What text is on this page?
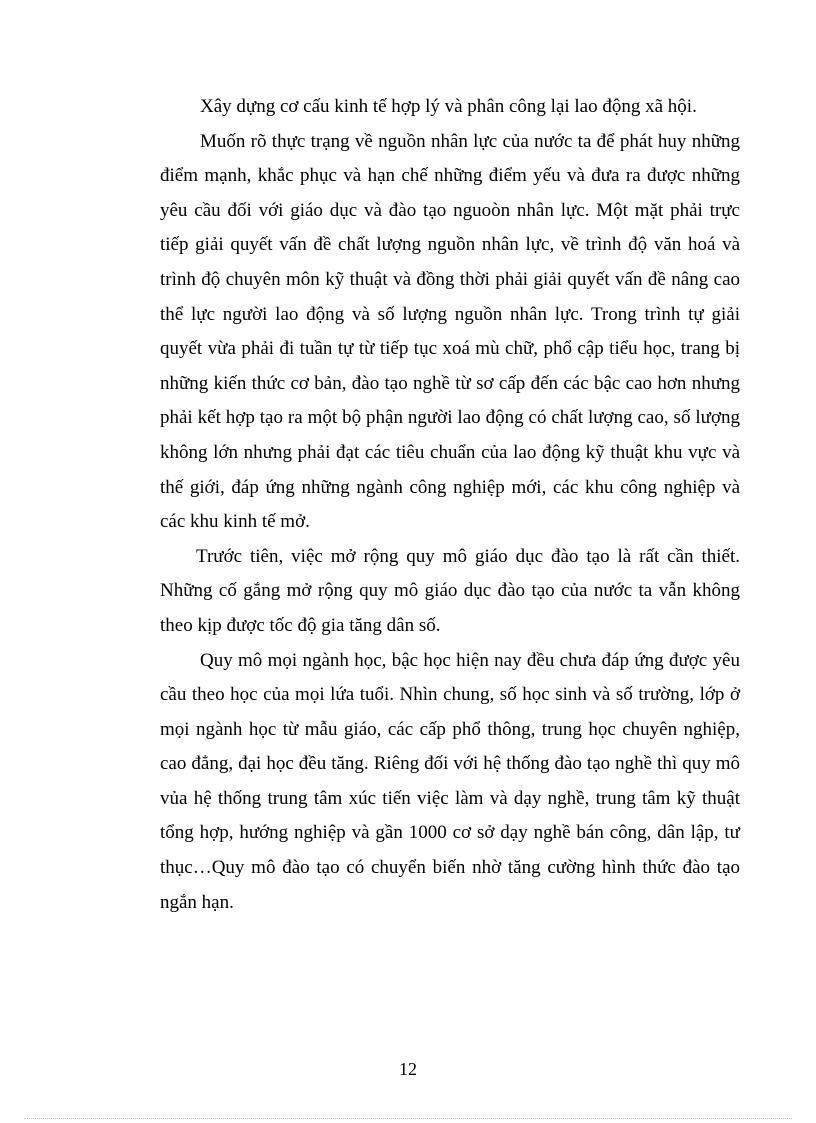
Xây dựng cơ cấu kinh tế hợp lý và phân công lại lao động xã hội.

Muốn rõ thực trạng về nguồn nhân lực của nước ta để phát huy những điểm mạnh, khắc phục và hạn chế những điểm yếu và đưa ra được những yêu cầu đối với giáo dục và đào tạo nguoòn nhân lực. Một mặt phải trực tiếp giải quyết vấn đề chất lượng nguồn nhân lực, về trình độ văn hoá và trình độ chuyên môn kỹ thuật và đồng thời phải giải quyết vấn đề nâng cao thể lực người lao động và số lượng nguồn nhân lực. Trong trình tự giải quyết vừa phải đi tuần tự từ tiếp tục xoá mù chữ, phổ cập tiểu học, trang bị những kiến thức cơ bản, đào tạo nghề từ sơ cấp đến các bậc cao hơn nhưng phải kết hợp tạo ra một bộ phận người lao động có chất lượng cao, số lượng không lớn nhưng phải đạt các tiêu chuẩn của lao động kỹ thuật khu vực và thế giới, đáp ứng những ngành công nghiệp mới, các khu công nghiệp và các khu kinh tế mở.

Trước tiên, việc mở rộng quy mô giáo dục đào tạo là rất cần thiết. Những cố gắng mở rộng quy mô giáo dục đào tạo của nước ta vẫn không theo kịp được tốc độ gia tăng dân số.

Quy mô mọi ngành học, bậc học hiện nay đều chưa đáp ứng được yêu cầu theo học của mọi lứa tuổi. Nhìn chung, số học sinh và số trường, lớp ở mọi ngành học từ mẫu giáo, các cấp phổ thông, trung học chuyên nghiệp, cao đẳng, đại học đều tăng. Riêng đối với hệ thống đào tạo nghề thì quy mô vủa hệ thống trung tâm xúc tiến việc làm và dạy nghề, trung tâm kỹ thuật tổng hợp, hướng nghiệp và gần 1000 cơ sở dạy nghề bán công, dân lập, tư thục…Quy mô đào tạo có chuyển biến nhờ tăng cường hình thức đào tạo ngắn hạn.

12
